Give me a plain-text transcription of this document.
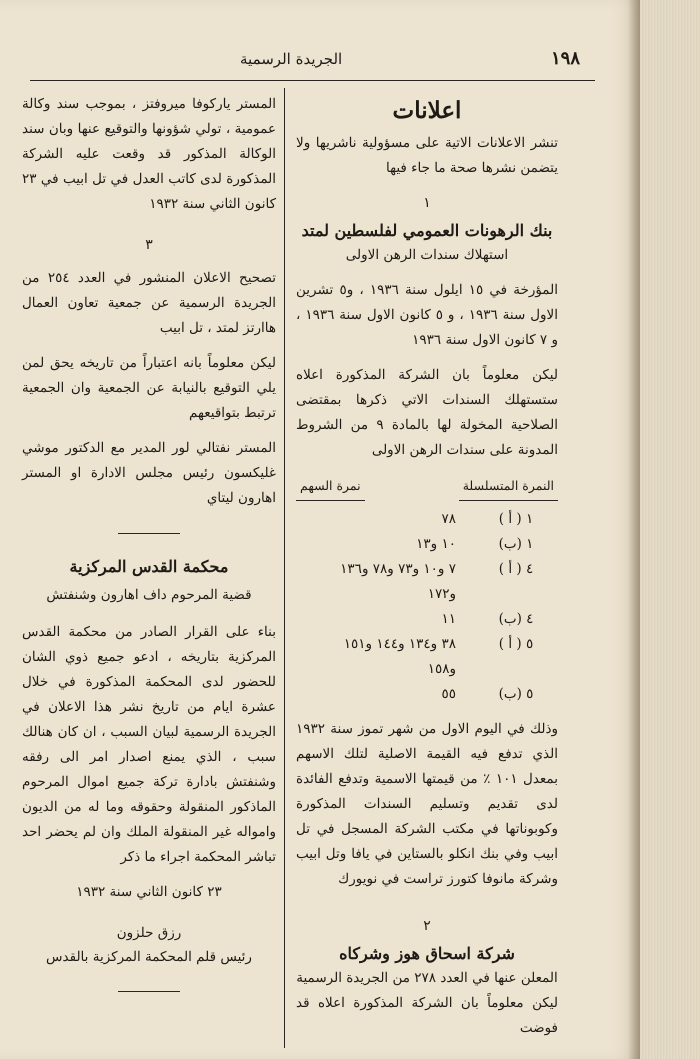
١٩٨
الجريدة الرسمية
اعلانات
تنشر الاعلانات الاتية على مسؤولية ناشريها ولا يتضمن نشرها صحة ما جاء فيها
١
بنك الرهونات العمومي لفلسطين لمتد
استهلاك سندات الرهن الاولى
المؤرخة في ١٥ ايلول سنة ١٩٣٦ ، و٥ تشرين الاول سنة ١٩٣٦ ، و ٥ كانون الاول سنة ١٩٣٦ ، و ٧ كانون الاول سنة ١٩٣٦
ليكن معلوماً بان الشركة المذكورة اعلاه ستستهلك السندات الاتي ذكرها بمقتضى الصلاحية المخولة لها بالمادة ٩ من الشروط المدونة على سندات الرهن الاولى
النمرة المتسلسلة
نمرة السهم
١ ( أ )
٧٨
١ (ب)
١٠ و١٣
٤ ( أ )
٧ و١٠ و٧٣ و٧٨ و١٣٦
و١٧٢
٤ (ب)
١١
٥ ( أ )
٣٨ و١٣٤ و١٤٤ و١٥١
و١٥٨
٥ (ب)
٥٥
وذلك في اليوم الاول من شهر تموز سنة ١٩٣٢ الذي تدفع فيه القيمة الاصلية لتلك الاسهم بمعدل ١٠١ ٪ من قيمتها الاسمية وتدفع الفائدة لدى تقديم وتسليم السندات المذكورة وكوبوناتها في مكتب الشركة المسجل في تل ابيب وفي بنك انكلو بالستاين في يافا وتل ابيب وشركة مانوفا كتورز تراست في نويورك
٢
شركة اسحاق هوز وشركاه
المعلن عنها في العدد ٢٧٨ من الجريدة الرسمية
ليكن معلوماً بان الشركة المذكورة اعلاه قد فوضت
المستر ياركوفا ميروفتز ، بموجب سند وكالة عمومية ، تولي شؤونها والتوقيع عنها وبان سند الوكالة المذكور قد وقعت عليه الشركة المذكورة لدى كاتب العدل في تل ابيب في ٢٣ كانون الثاني سنة ١٩٣٢
٣
تصحيح الاعلان المنشور في العدد ٢٥٤ من الجريدة الرسمية عن جمعية تعاون العمال هاارتز لمتد ، تل ابيب
ليكن معلوماً بانه اعتباراً من تاريخه يحق لمن يلي التوقيع بالنيابة عن الجمعية وان الجمعية ترتبط بتواقيعهم
المستر نفتالي لور المدير مع الدكتور موشي غليكسون رئيس مجلس الادارة او المستر اهارون ليتاي
محكمة القدس المركزية
قضية المرحوم داف اهارون وشنفتش
بناء على القرار الصادر من محكمة القدس المركزية بتاريخه ، ادعو جميع ذوي الشان للحضور لدى المحكمة المذكورة في خلال عشرة ايام من تاريخ نشر هذا الاعلان في الجريدة الرسمية لبيان السبب ، ان كان هنالك سبب ، الذي يمنع اصدار امر الى رفقه وشنفتش بادارة تركة جميع اموال المرحوم الماذكور المنقولة وحقوقه وما له من الديون وامواله غير المنقولة الملك وان لم يحضر احد تباشر المحكمة اجراء ما ذكر
٢٣ كانون الثاني سنة ١٩٣٢
رزق حلزون
رئيس قلم المحكمة المركزية بالقدس
